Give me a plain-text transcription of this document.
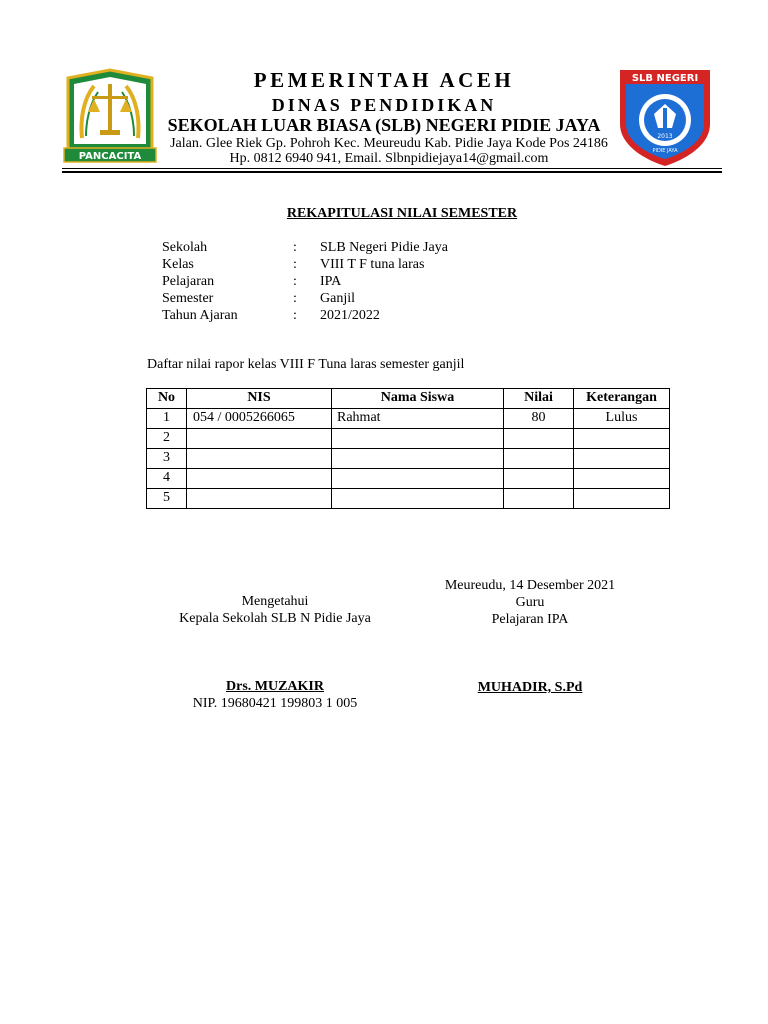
PANCACITA
SLB NEGERI
2013
PIDIE JAYA
PEMERINTAH ACEH
DINAS PENDIDIKAN
SEKOLAH LUAR BIASA (SLB) NEGERI PIDIE JAYA
Jalan. Glee Riek Gp. Pohroh Kec. Meureudu Kab. Pidie Jaya Kode Pos 24186
Hp. 0812 6940 941, Email. Slbnpidiejaya14@gmail.com
REKAPITULASI NILAI SEMESTER
Sekolah	: SLB Negeri Pidie Jaya
Kelas	: VIII T F tuna laras
Pelajaran	: IPA
Semester	: Ganjil
Tahun Ajaran	: 2021/2022
Daftar nilai rapor kelas VIII F Tuna laras semester ganjil
No	NIS	Nama Siswa	Nilai	Keterangan
1	054 / 0005266065	Rahmat	80	Lulus
2				
3				
4				
5				
Mengetahui
Kepala Sekolah SLB N Pidie Jaya
Drs. MUZAKIR
NIP. 19680421 199803 1 005
Meureudu, 14 Desember 2021
Guru
Pelajaran IPA
MUHADIR, S.Pd
